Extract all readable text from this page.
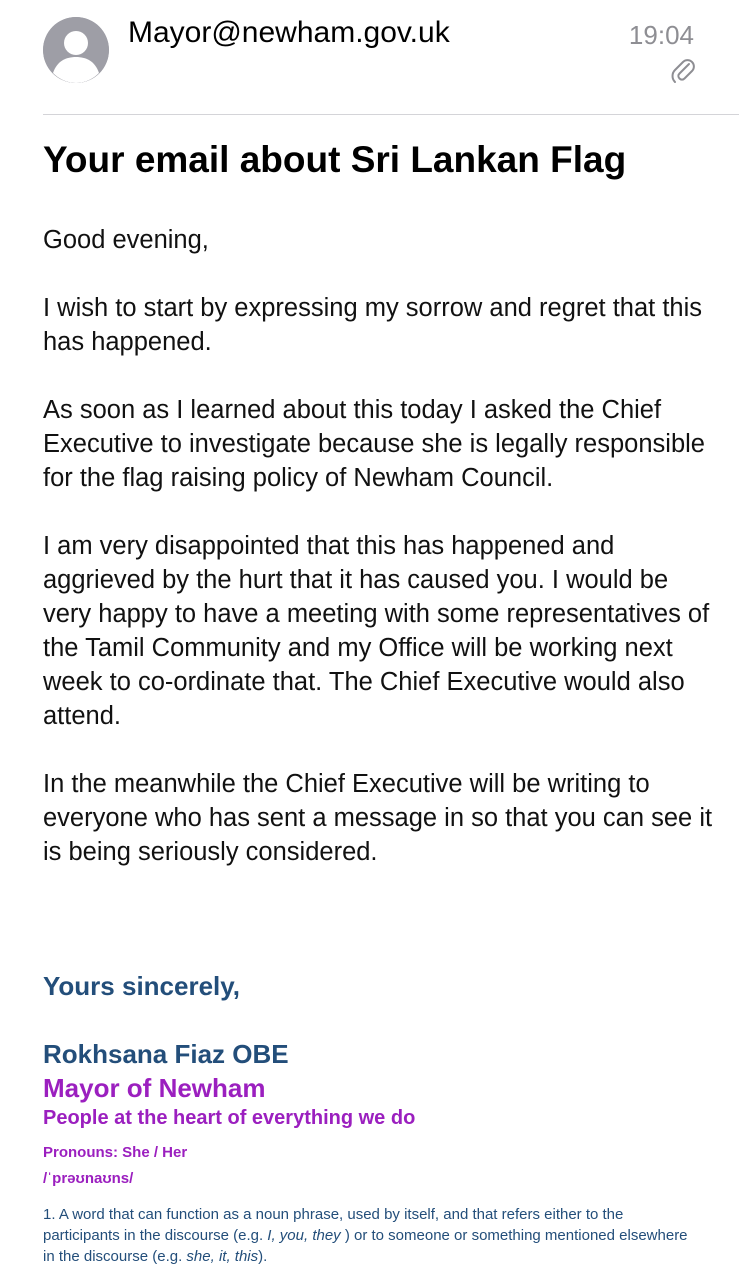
Mayor@newham.gov.uk	19:04
Your email about Sri Lankan Flag

Good evening,

I wish to start by expressing my sorrow and regret that this has happened.

As soon as I learned about this today I asked the Chief Executive to investigate because she is legally responsible for the flag raising policy of Newham Council.

I am very disappointed that this has happened and aggrieved by the hurt that it has caused you. I would be very happy to have a meeting with some representatives of the Tamil Community and my Office will be working next week to co-ordinate that. The Chief Executive would also attend.

In the meanwhile the Chief Executive will be writing to everyone who has sent a message in so that you can see it is being seriously considered.

Yours sincerely,
Rokhsana Fiaz OBE
Mayor of Newham
People at the heart of everything we do
Pronouns: She / Her
/ˈprəʊnaʊns/
1. A word that can function as a noun phrase, used by itself, and that refers either to the participants in the discourse (e.g. I, you, they ) or to someone or something mentioned elsewhere in the discourse (e.g. she, it, this).
